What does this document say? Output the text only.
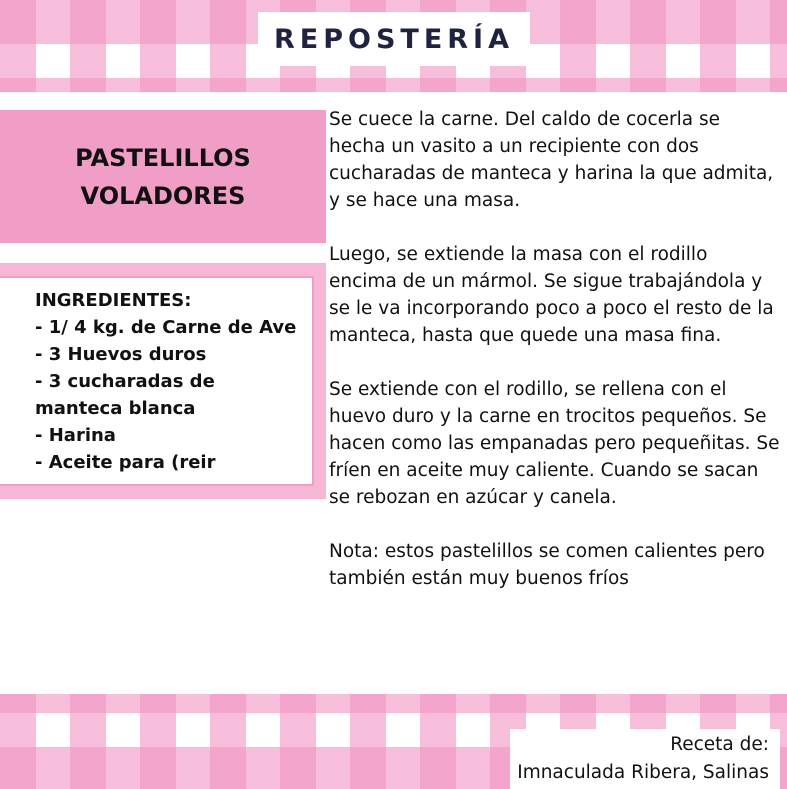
REPOSTERÍA
PASTELILLOS
VOLADORES
INGREDIENTES:
- 1/ 4 kg. de Carne de Ave
- 3 Huevos duros
- 3 cucharadas de
manteca blanca
- Harina
- Aceite para (reir

Se cuece la carne. Del caldo de cocerla se hecha un vasito a un recipiente con dos cucharadas de manteca y harina la que admita, y se hace una masa.

Luego, se extiende la masa con el rodillo encima de un mármol. Se sigue trabajándola y se le va incorporando poco a poco el resto de la manteca, hasta que quede una masa fina.

Se extiende con el rodillo, se rellena con el huevo duro y la carne en trocitos pequeños. Se hacen como las empanadas pero pequeñitas. Se fríen en aceite muy caliente. Cuando se sacan se rebozan en azúcar y canela.

Nota: estos pastelillos se comen calientes pero también están muy buenos fríos

Receta de:
Imnaculada Ribera, Salinas
